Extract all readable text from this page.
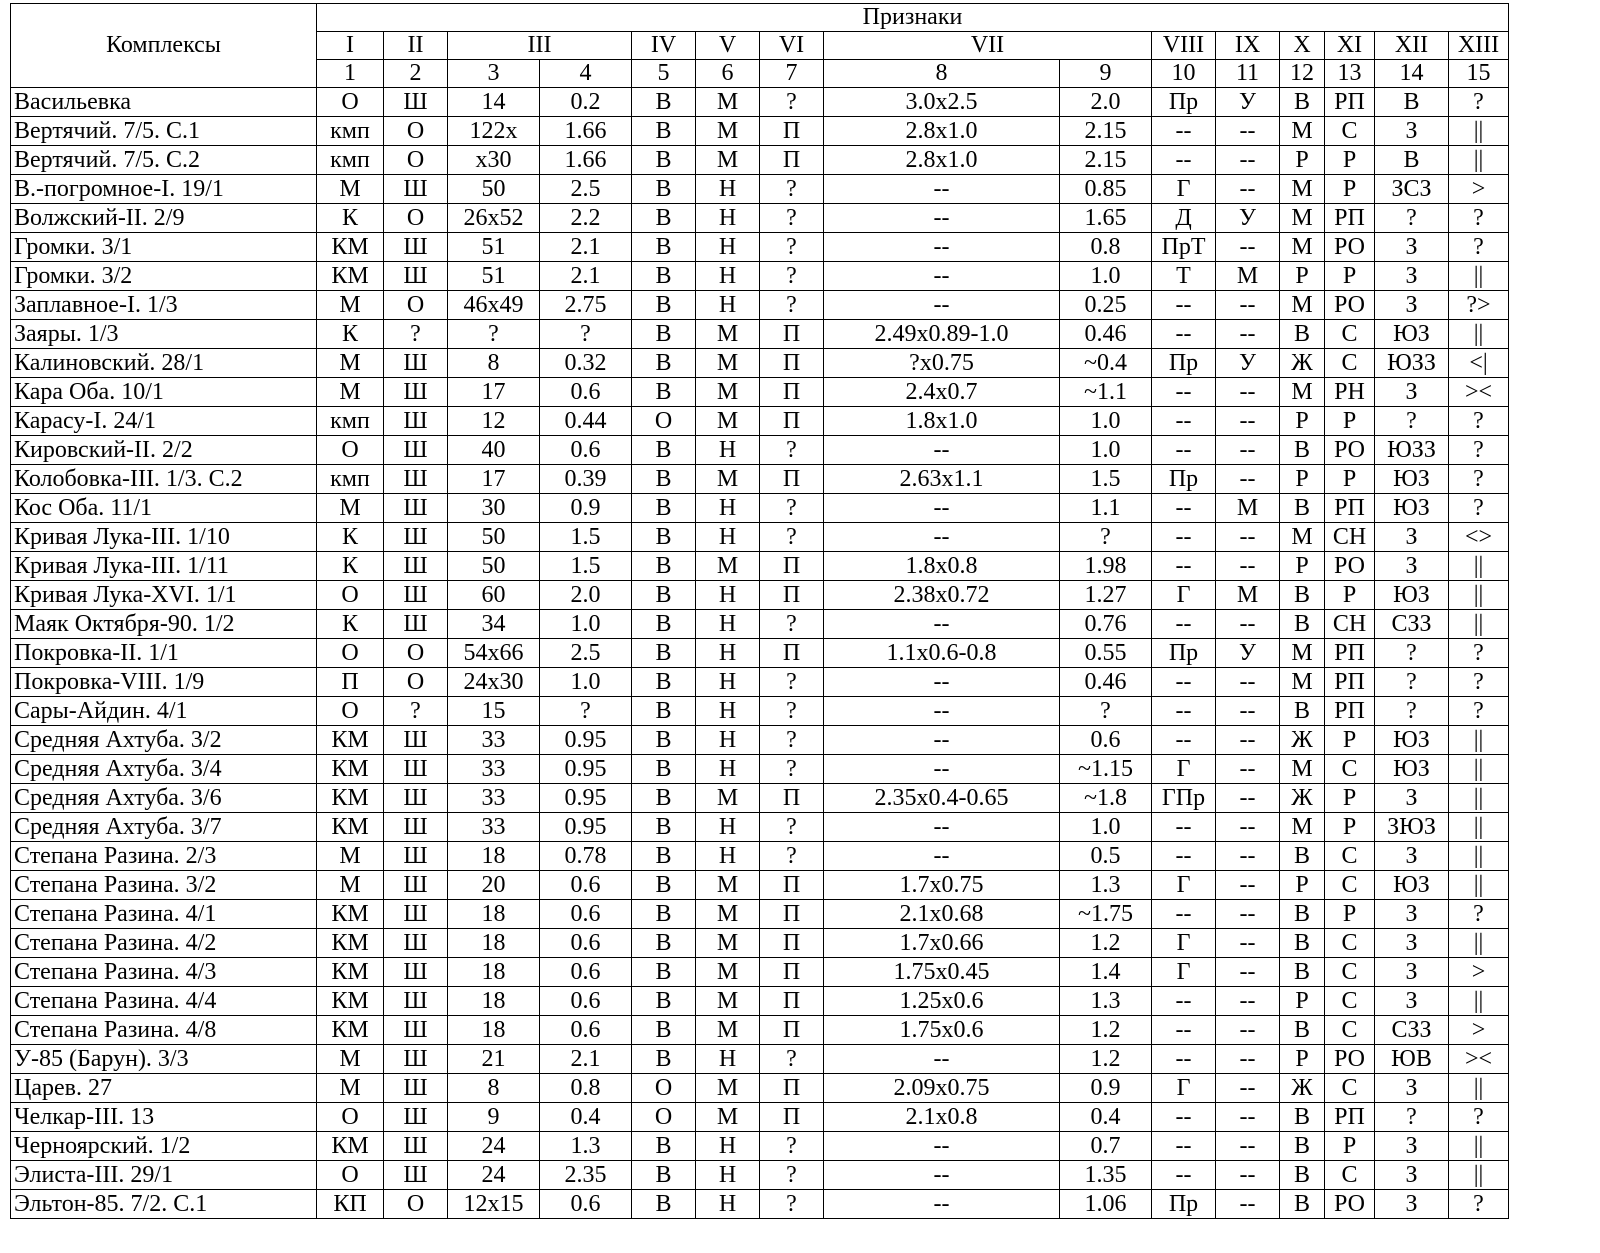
Комплексы	Признаки														
	I	II	III		IV	V	VI	VII		VIII	IX	X	XI	XII	XIII
	1	2	3	4	5	6	7	8	9	10	11	12	13	14	15
Васильевка	О	Ш	14	0.2	В	М	?	3.0x2.5	2.0	Пр	У	В	РП	В	?
Вертячий. 7/5. С.1	кмп	О	122x	1.66	В	М	П	2.8x1.0	2.15	--	--	М	С	З	||
Вертячий. 7/5. С.2	кмп	О	x30	1.66	В	М	П	2.8x1.0	2.15	--	--	Р	Р	В	||
В.-погромное-I. 19/1	М	Ш	50	2.5	В	Н	?	--	0.85	Г	--	М	Р	ЗСЗ	>
Волжский-II. 2/9	К	О	26x52	2.2	В	Н	?	--	1.65	Д	У	М	РП	?	?
Громки. 3/1	КМ	Ш	51	2.1	В	Н	?	--	0.8	ПрТ	--	М	РО	З	?
Громки. 3/2	КМ	Ш	51	2.1	В	Н	?	--	1.0	Т	М	Р	Р	З	||
Заплавное-I. 1/3	М	О	46x49	2.75	В	Н	?	--	0.25	--	--	М	РО	З	?>
Заяры. 1/3	К	?	?	?	В	М	П	2.49x0.89-1.0	0.46	--	--	В	С	ЮЗ	||
Калиновский. 28/1	М	Ш	8	0.32	В	М	П	?x0.75	~0.4	Пр	У	Ж	С	ЮЗЗ	<|
Кара Оба. 10/1	М	Ш	17	0.6	В	М	П	2.4x0.7	~1.1	--	--	М	РН	З	><
Карасу-I. 24/1	кмп	Ш	12	0.44	О	М	П	1.8x1.0	1.0	--	--	Р	Р	?	?
Кировский-II. 2/2	О	Ш	40	0.6	В	Н	?	--	1.0	--	--	В	РО	ЮЗЗ	?
Колобовка-III. 1/3. С.2	кмп	Ш	17	0.39	В	М	П	2.63x1.1	1.5	Пр	--	Р	Р	ЮЗ	?
Кос Оба. 11/1	М	Ш	30	0.9	В	Н	?	--	1.1	--	М	В	РП	ЮЗ	?
Кривая Лука-III. 1/10	К	Ш	50	1.5	В	Н	?	--	?	--	--	М	СН	З	<>
Кривая Лука-III. 1/11	К	Ш	50	1.5	В	М	П	1.8x0.8	1.98	--	--	Р	РО	З	||
Кривая Лука-XVI. 1/1	О	Ш	60	2.0	В	Н	П	2.38x0.72	1.27	Г	М	В	Р	ЮЗ	||
Маяк Октября-90. 1/2	К	Ш	34	1.0	В	Н	?	--	0.76	--	--	В	СН	СЗЗ	||
Покровка-II. 1/1	О	О	54x66	2.5	В	Н	П	1.1x0.6-0.8	0.55	Пр	У	М	РП	?	?
Покровка-VIII. 1/9	П	О	24x30	1.0	В	Н	?	--	0.46	--	--	М	РП	?	?
Сары-Айдин. 4/1	О	?	15	?	В	Н	?	--	?	--	--	В	РП	?	?
Средняя Ахтуба. 3/2	КМ	Ш	33	0.95	В	Н	?	--	0.6	--	--	Ж	Р	ЮЗ	||
Средняя Ахтуба. 3/4	КМ	Ш	33	0.95	В	Н	?	--	~1.15	Г	--	М	С	ЮЗ	||
Средняя Ахтуба. 3/6	КМ	Ш	33	0.95	В	М	П	2.35x0.4-0.65	~1.8	ГПр	--	Ж	Р	З	||
Средняя Ахтуба. 3/7	КМ	Ш	33	0.95	В	Н	?	--	1.0	--	--	М	Р	ЗЮЗ	||
Степана Разина. 2/3	М	Ш	18	0.78	В	Н	?	--	0.5	--	--	В	С	З	||
Степана Разина. 3/2	М	Ш	20	0.6	В	М	П	1.7x0.75	1.3	Г	--	Р	С	ЮЗ	||
Степана Разина. 4/1	КМ	Ш	18	0.6	В	М	П	2.1x0.68	~1.75	--	--	В	Р	З	?
Степана Разина. 4/2	КМ	Ш	18	0.6	В	М	П	1.7x0.66	1.2	Г	--	В	С	З	||
Степана Разина. 4/3	КМ	Ш	18	0.6	В	М	П	1.75x0.45	1.4	Г	--	В	С	З	>
Степана Разина. 4/4	КМ	Ш	18	0.6	В	М	П	1.25x0.6	1.3	--	--	Р	С	З	||
Степана Разина. 4/8	КМ	Ш	18	0.6	В	М	П	1.75x0.6	1.2	--	--	В	С	СЗЗ	>
У-85 (Барун). 3/3	М	Ш	21	2.1	В	Н	?	--	1.2	--	--	Р	РО	ЮВ	><
Царев. 27	М	Ш	8	0.8	О	М	П	2.09x0.75	0.9	Г	--	Ж	С	З	||
Челкар-III. 13	О	Ш	9	0.4	О	М	П	2.1x0.8	0.4	--	--	В	РП	?	?
Черноярский. 1/2	КМ	Ш	24	1.3	В	Н	?	--	0.7	--	--	В	Р	З	||
Элиста-III. 29/1	О	Ш	24	2.35	В	Н	?	--	1.35	--	--	В	С	З	||
Эльтон-85. 7/2. С.1	КП	О	12x15	0.6	В	Н	?	--	1.06	Пр	--	В	РО	З	?
